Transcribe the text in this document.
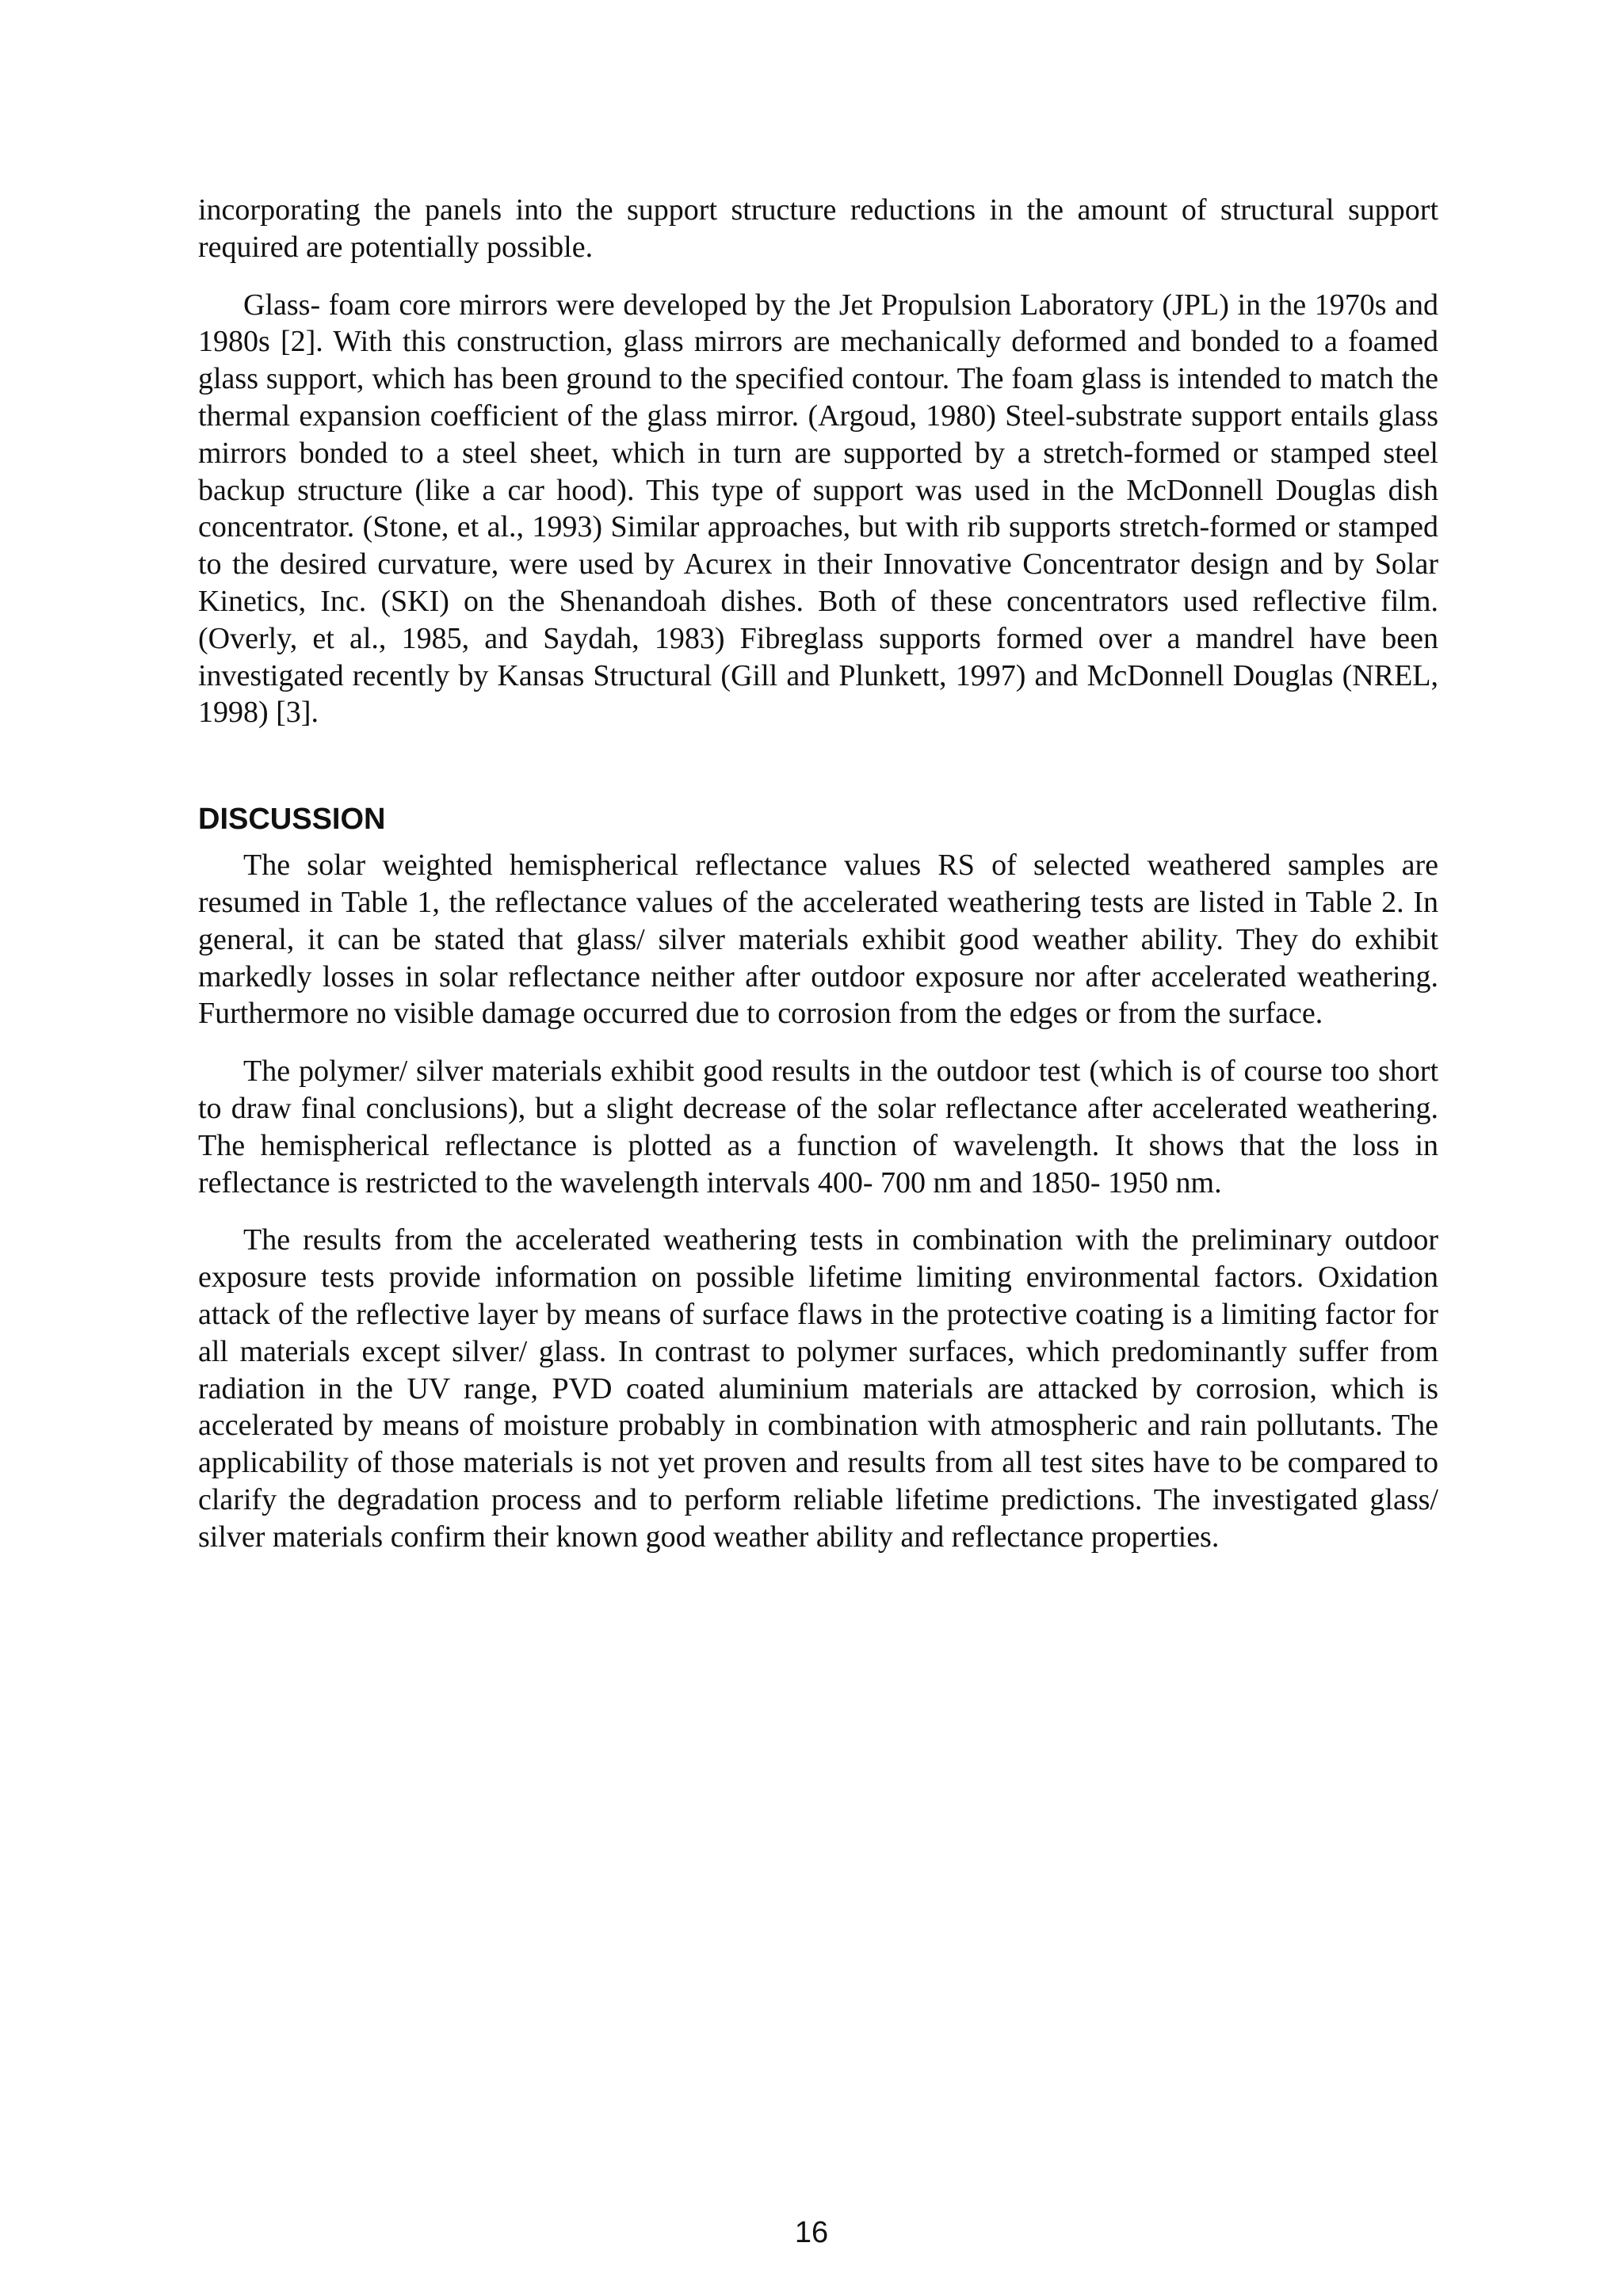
incorporating the panels into the support structure reductions in the amount of structural support required are potentially possible.

Glass- foam core mirrors were developed by the Jet Propulsion Laboratory (JPL) in the 1970s and 1980s [2]. With this construction, glass mirrors are mechanically deformed and bonded to a foamed glass support, which has been ground to the specified contour. The foam glass is intended to match the thermal expansion coefficient of the glass mirror. (Argoud, 1980) Steel-substrate support entails glass mirrors bonded to a steel sheet, which in turn are supported by a stretch-formed or stamped steel backup structure (like a car hood). This type of support was used in the McDonnell Douglas dish concentrator. (Stone, et al., 1993) Similar approaches, but with rib supports stretch-formed or stamped to the desired curvature, were used by Acurex in their Innovative Concentrator design and by Solar Kinetics, Inc. (SKI) on the Shenandoah dishes. Both of these concentrators used reflective film. (Overly, et al., 1985, and Saydah, 1983) Fibreglass supports formed over a mandrel have been investigated recently by Kansas Structural (Gill and Plunkett, 1997) and McDonnell Douglas (NREL, 1998) [3].

DISCUSSION

The solar weighted hemispherical reflectance values RS of selected weathered samples are resumed in Table 1, the reflectance values of the accelerated weathering tests are listed in Table 2. In general, it can be stated that glass/ silver materials exhibit good weather ability. They do exhibit markedly losses in solar reflectance neither after outdoor exposure nor after accelerated weathering. Furthermore no visible damage occurred due to corrosion from the edges or from the surface.

The polymer/ silver materials exhibit good results in the outdoor test (which is of course too short to draw final conclusions), but a slight decrease of the solar reflectance after accelerated weathering. The hemispherical reflectance is plotted as a function of wavelength. It shows that the loss in reflectance is restricted to the wavelength intervals 400- 700 nm and 1850- 1950 nm.

The results from the accelerated weathering tests in combination with the preliminary outdoor exposure tests provide information on possible lifetime limiting environmental factors. Oxidation attack of the reflective layer by means of surface flaws in the protective coating is a limiting factor for all materials except silver/ glass. In contrast to polymer surfaces, which predominantly suffer from radiation in the UV range, PVD coated aluminium materials are attacked by corrosion, which is accelerated by means of moisture probably in combination with atmospheric and rain pollutants. The applicability of those materials is not yet proven and results from all test sites have to be compared to clarify the degradation process and to perform reliable lifetime predictions. The investigated glass/ silver materials confirm their known good weather ability and reflectance properties.

16
